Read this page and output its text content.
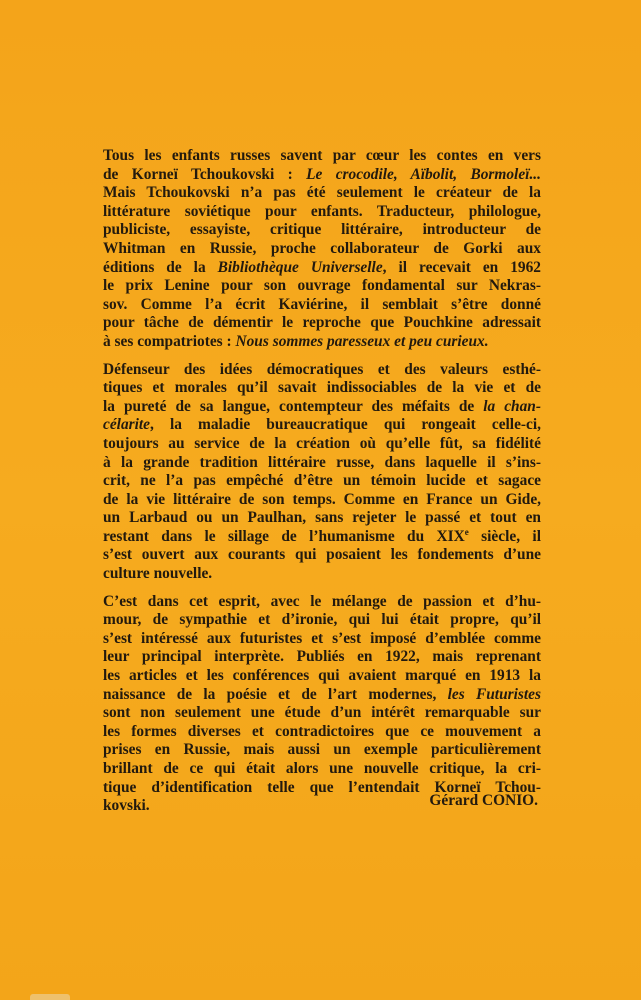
Tous les enfants russes savent par cœur les contes en vers
de Korneï Tchoukovski : Le crocodile, Aïbolit, Bormoleï...
Mais Tchoukovski n’a pas été seulement le créateur de la
littérature soviétique pour enfants. Traducteur, philologue,
publiciste, essayiste, critique littéraire, introducteur de
Whitman en Russie, proche collaborateur de Gorki aux
éditions de la Bibliothèque Universelle, il recevait en 1962
le prix Lenine pour son ouvrage fondamental sur Nekras-
sov. Comme l’a écrit Kaviérine, il semblait s’être donné
pour tâche de démentir le reproche que Pouchkine adressait
à ses compatriotes : Nous sommes paresseux et peu curieux.
Défenseur des idées démocratiques et des valeurs esthé-
tiques et morales qu’il savait indissociables de la vie et de
la pureté de sa langue, contempteur des méfaits de la chan-
célarite, la maladie bureaucratique qui rongeait celle-ci,
toujours au service de la création où qu’elle fût, sa fidélité
à la grande tradition littéraire russe, dans laquelle il s’ins-
crit, ne l’a pas empêché d’être un témoin lucide et sagace
de la vie littéraire de son temps. Comme en France un Gide,
un Larbaud ou un Paulhan, sans rejeter le passé et tout en
restant dans le sillage de l’humanisme du XIXe siècle, il
s’est ouvert aux courants qui posaient les fondements d’une
culture nouvelle.
C’est dans cet esprit, avec le mélange de passion et d’hu-
mour, de sympathie et d’ironie, qui lui était propre, qu’il
s’est intéressé aux futuristes et s’est imposé d’emblée comme
leur principal interprète. Publiés en 1922, mais reprenant
les articles et les conférences qui avaient marqué en 1913 la
naissance de la poésie et de l’art modernes, les Futuristes
sont non seulement une étude d’un intérêt remarquable sur
les formes diverses et contradictoires que ce mouvement a
prises en Russie, mais aussi un exemple particulièrement
brillant de ce qui était alors une nouvelle critique, la cri-
tique d’identification telle que l’entendait Korneï Tchou-
kovski.	Gérard CONIO.
